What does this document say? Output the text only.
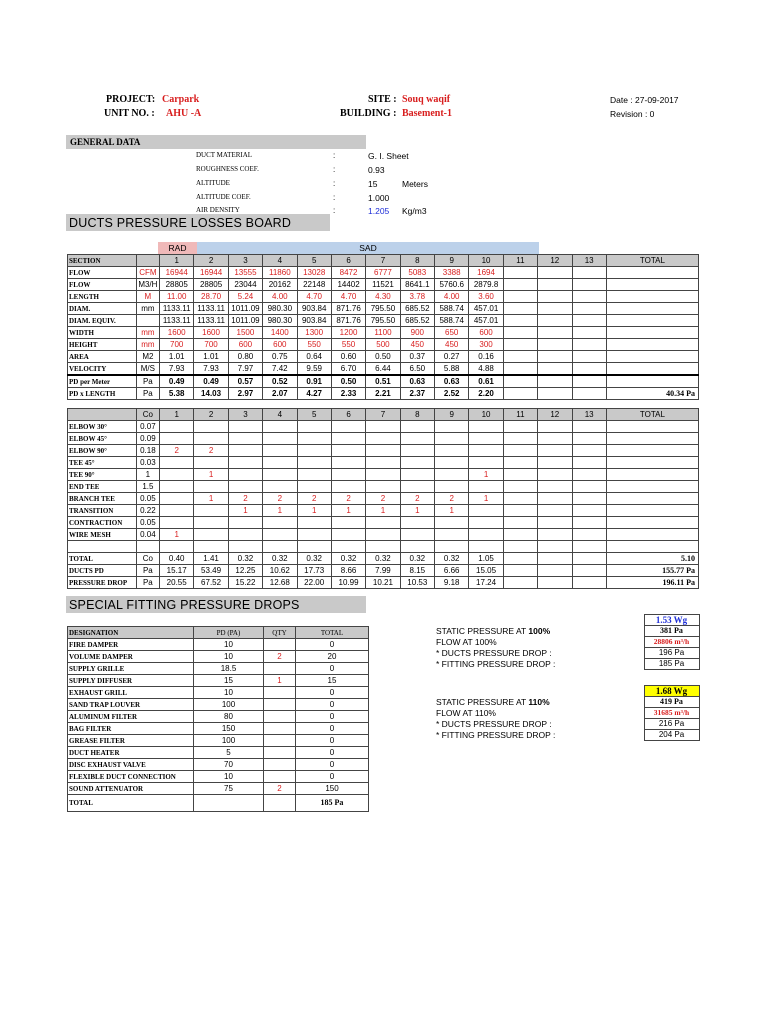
PROJECT: Carpark
UNIT NO. : AHU -A
SITE : Souq waqif
BUILDING : Basement-1
Date : 27-09-2017
Revision : 0
GENERAL DATA
DUCT MATERIAL	:	G. I. Sheet
ROUGHNESS COEF.	:	0.93
ALTITUDE	:	15	Meters
ALTITUDE COEF.	:	1.000
AIR DENSITY	:	1.205 Kg/m3
DUCTS PRESSURE LOSSES BOARD
RAD	SAD
SECTION		1	2	3	4	5	6	7	8	9	10	11	12	13	TOTAL
FLOW	CFM	16944	16944	13555	11860	13028	8472	6777	5083	3388	1694				
FLOW	M3/H	28805	28805	23044	20162	22148	14402	11521	8641.1	5760.6	2879.8				
LENGTH	M	11.00	28.70	5.24	4.00	4.70	4.70	4.30	3.78	4.00	3.60				
DIAM.	mm	1133.11	1133.11	1011.09	980.30	903.84	871.76	795.50	685.52	588.74	457.01				
DIAM. EQUIV.		1133.11	1133.11	1011.09	980.30	903.84	871.76	795.50	685.52	588.74	457.01				
WIDTH	mm	1600	1600	1500	1400	1300	1200	1100	900	650	600				
HEIGHT	mm	700	700	600	600	550	550	500	450	450	300				
AREA	M2	1.01	1.01	0.80	0.75	0.64	0.60	0.50	0.37	0.27	0.16				
VELOCITY	M/S	7.93	7.93	7.97	7.42	9.59	6.70	6.44	6.50	5.88	4.88				
PD per Meter	Pa	0.49	0.49	0.57	0.52	0.91	0.50	0.51	0.63	0.63	0.61				
PD x LENGTH	Pa	5.38	14.03	2.97	2.07	4.27	2.33	2.21	2.37	2.52	2.20				40.34 Pa
	Co	1	2	3	4	5	6	7	8	9	10	11	12	13	TOTAL
ELBOW 30°	0.07														
ELBOW 45°	0.09														
ELBOW 90°	0.18	2	2												
TEE 45°	0.03														
TEE 90°	1		1								1				
END TEE	1.5														
BRANCH TEE	0.05		1	2	2	2	2	2	2	2	1				
TRANSITION	0.22			1	1	1	1	1	1	1					
CONTRACTION	0.05														
WIRE MESH	0.04	1													

TOTAL	Co	0.40	1.41	0.32	0.32	0.32	0.32	0.32	0.32	0.32	1.05				5.10
DUCTS PD	Pa	15.17	53.49	12.25	10.62	17.73	8.66	7.99	8.15	6.66	15.05				155.77 Pa
PRESSURE DROP	Pa	20.55	67.52	15.22	12.68	22.00	10.99	10.21	10.53	9.18	17.24				196.11 Pa
SPECIAL FITTING PRESSURE DROPS
DESIGNATION	PD (PA)	QTY	TOTAL
FIRE DAMPER	10		0
VOLUME DAMPER	10	2	20
SUPPLY GRILLE	18.5		0
SUPPLY DIFFUSER	15	1	15
EXHAUST GRILL	10		0
SAND TRAP LOUVER	100		0
ALUMINUM FILTER	80		0
BAG FILTER	150		0
GREASE FILTER	100		0
DUCT HEATER	5		0
DISC EXHAUST VALVE	70		0
FLEXIBLE DUCT CONNECTION	10		0
SOUND ATTENUATOR	75	2	150
TOTAL			185 Pa
	1.53 Wg
STATIC PRESSURE AT 100%	381 Pa
FLOW AT 100%	28806 m³/h
* DUCTS PRESSURE DROP :	196 Pa
* FITTING PRESSURE DROP :	185 Pa
	1.68 Wg
STATIC PRESSURE AT 110%	419 Pa
FLOW AT 110%	31685 m³/h
* DUCTS PRESSURE DROP :	216 Pa
* FITTING PRESSURE DROP :	204 Pa
